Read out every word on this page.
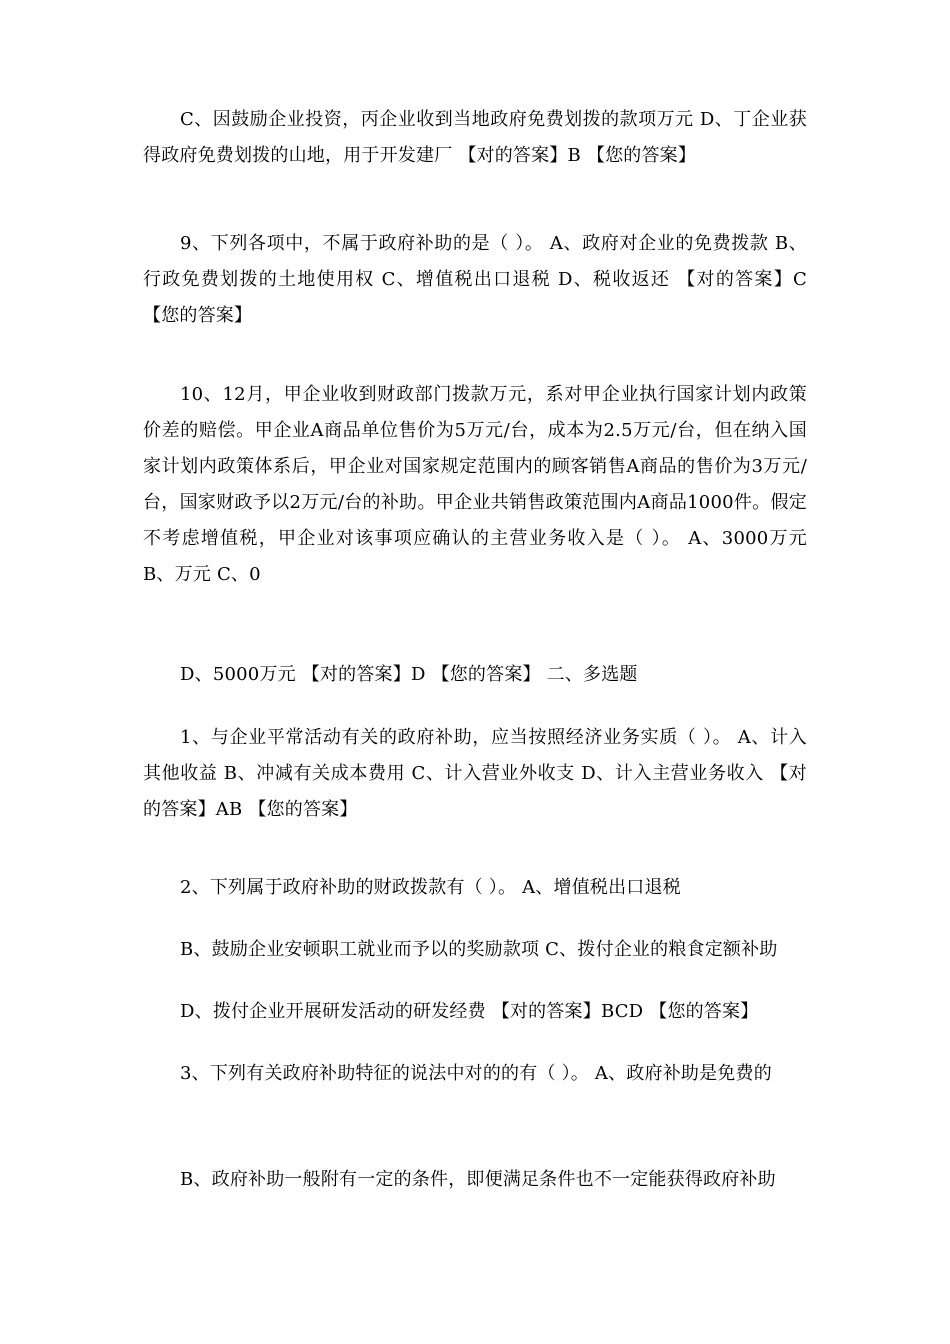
C、因鼓励企业投资，丙企业收到当地政府免费划拨的款项万元 D、丁企业获得政府免费划拨的山地，用于开发建厂 【对的答案】B 【您的答案】

9、下列各项中，不属于政府补助的是（ ）。 A、政府对企业的免费拨款 B、行政免费划拨的土地使用权 C、增值税出口退税 D、税收返还 【对的答案】C 【您的答案】

10、12月，甲企业收到财政部门拨款万元，系对甲企业执行国家计划内政策价差的赔偿。甲企业A商品单位售价为5万元/台，成本为2.5万元/台，但在纳入国家计划内政策体系后，甲企业对国家规定范围内的顾客销售A商品的售价为3万元/台，国家财政予以2万元/台的补助。甲企业共销售政策范围内A商品1000件。假定不考虑增值税，甲企业对该事项应确认的主营业务收入是（ ）。 A、3000万元 B、万元 C、0

D、5000万元 【对的答案】D 【您的答案】 二、多选题

1、与企业平常活动有关的政府补助，应当按照经济业务实质（ ）。 A、计入其他收益 B、冲减有关成本费用 C、计入营业外收支 D、计入主营业务收入 【对的答案】AB 【您的答案】

2、下列属于政府补助的财政拨款有（ ）。 A、增值税出口退税

B、鼓励企业安顿职工就业而予以的奖励款项 C、拨付企业的粮食定额补助

D、拨付企业开展研发活动的研发经费 【对的答案】BCD 【您的答案】

3、下列有关政府补助特征的说法中对的的有（ ）。 A、政府补助是免费的

B、政府补助一般附有一定的条件，即便满足条件也不一定能获得政府补助
